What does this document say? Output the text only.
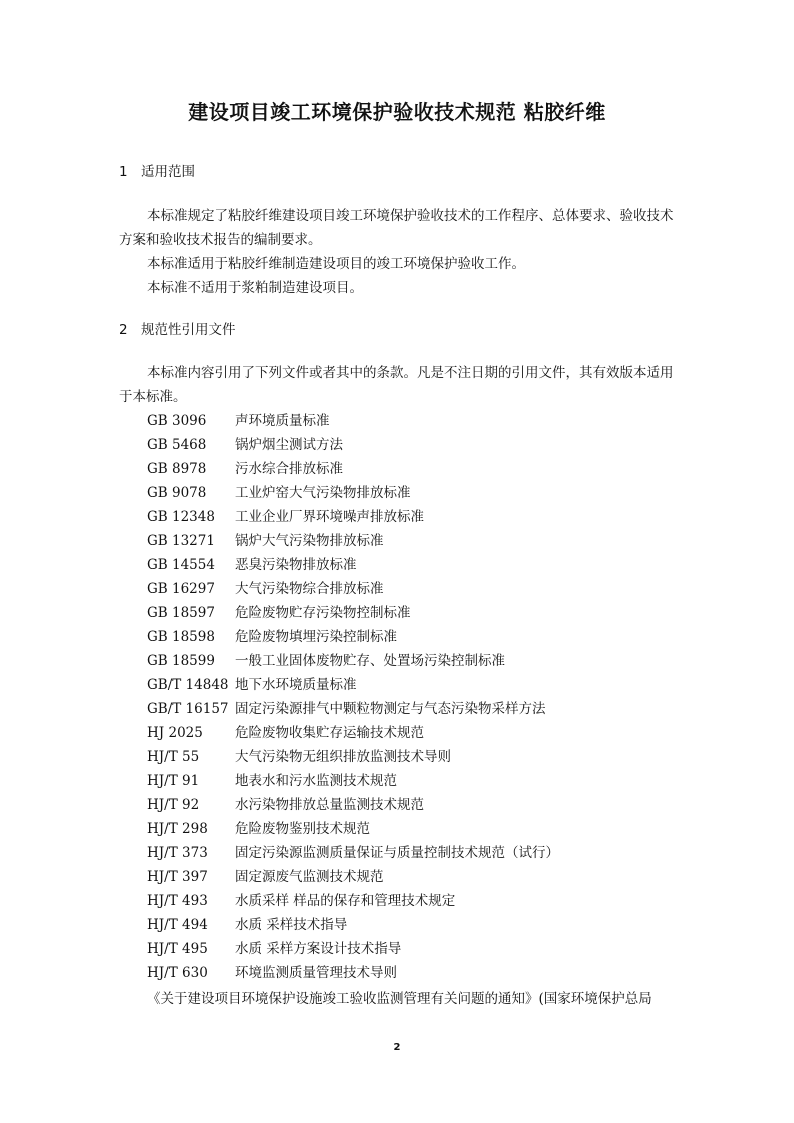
建设项目竣工环境保护验收技术规范 粘胶纤维
1 适用范围

本标准规定了粘胶纤维建设项目竣工环境保护验收技术的工作程序、总体要求、验收技术方案和验收技术报告的编制要求。

本标准适用于粘胶纤维制造建设项目的竣工环境保护验收工作。

本标准不适用于浆粕制造建设项目。

2 规范性引用文件

本标准内容引用了下列文件或者其中的条款。凡是不注日期的引用文件，其有效版本适用于本标准。

GB 3096 声环境质量标准
GB 5468 锅炉烟尘测试方法
GB 8978 污水综合排放标准
GB 9078 工业炉窑大气污染物排放标准
GB 12348 工业企业厂界环境噪声排放标准
GB 13271 锅炉大气污染物排放标准
GB 14554 恶臭污染物排放标准
GB 16297 大气污染物综合排放标准
GB 18597 危险废物贮存污染物控制标准
GB 18598 危险废物填埋污染控制标准
GB 18599 一般工业固体废物贮存、处置场污染控制标准
GB/T 14848 地下水环境质量标准
GB/T 16157 固定污染源排气中颗粒物测定与气态污染物采样方法
HJ 2025 危险废物收集贮存运输技术规范
HJ/T 55	大气污染物无组织排放监测技术导则
HJ/T 91	地表水和污水监测技术规范
HJ/T 92	水污染物排放总量监测技术规范
HJ/T 298 危险废物鉴别技术规范
HJ/T 373 固定污染源监测质量保证与质量控制技术规范（试行）
HJ/T 397 固定源废气监测技术规范
HJ/T 493 水质采样 样品的保存和管理技术规定
HJ/T 494 水质 采样技术指导
HJ/T 495 水质 采样方案设计技术指导
HJ/T 630 环境监测质量管理技术导则
《关于建设项目环境保护设施竣工验收监测管理有关问题的通知》(国家环境保护总局
2
